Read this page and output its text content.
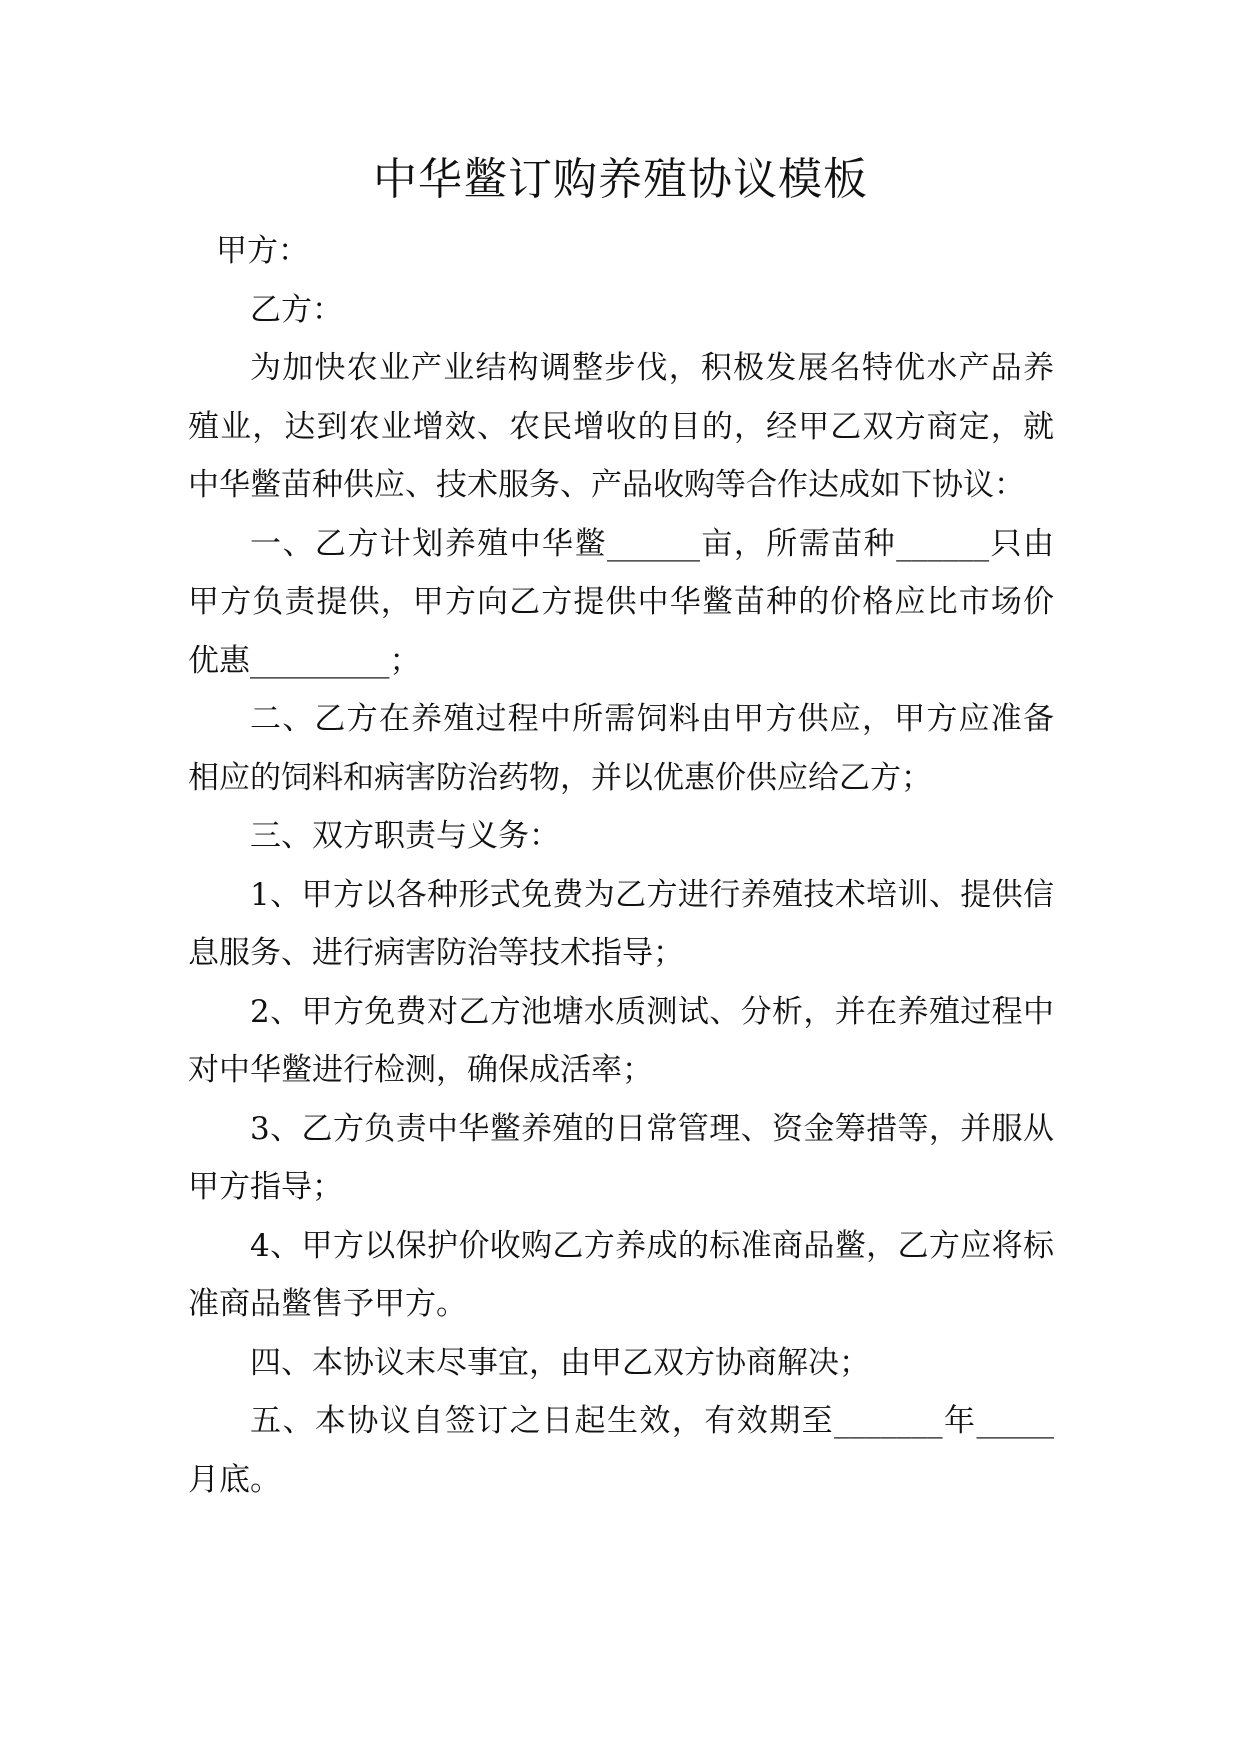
中华鳖订购养殖协议模板

甲方：

乙方：

为加快农业产业结构调整步伐，积极发展名特优水产品养殖业，达到农业增效、农民增收的目的，经甲乙双方商定，就中华鳖苗种供应、技术服务、产品收购等合作达成如下协议：

一、乙方计划养殖中华鳖______亩，所需苗种______只由甲方负责提供，甲方向乙方提供中华鳖苗种的价格应比市场价优惠_________；

二、乙方在养殖过程中所需饲料由甲方供应，甲方应准备相应的饲料和病害防治药物，并以优惠价供应给乙方；

三、双方职责与义务：

1、甲方以各种形式免费为乙方进行养殖技术培训、提供信息服务、进行病害防治等技术指导；

2、甲方免费对乙方池塘水质测试、分析，并在养殖过程中对中华鳖进行检测，确保成活率；

3、乙方负责中华鳖养殖的日常管理、资金筹措等，并服从甲方指导；

4、甲方以保护价收购乙方养成的标准商品鳖，乙方应将标准商品鳖售予甲方。

四、本协议末尽事宜，由甲乙双方协商解决；

五、本协议自签订之日起生效，有效期至_______年_____月底。
